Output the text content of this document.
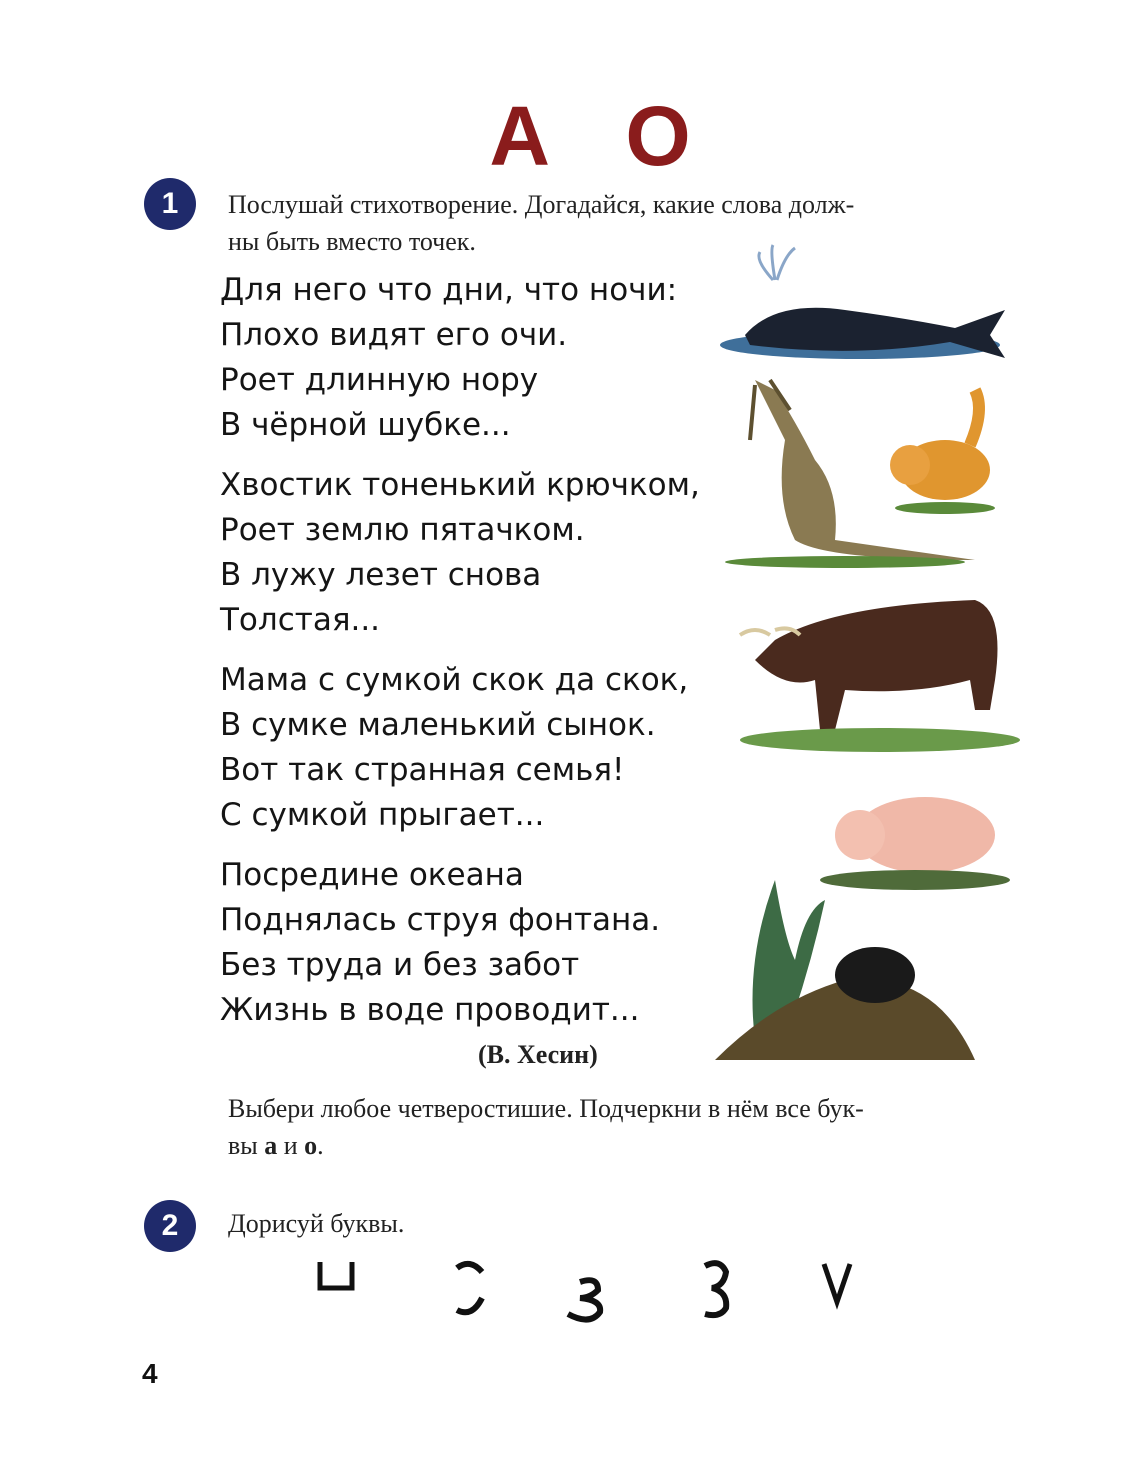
А О
1	Послушай стихотворение. Догадайся, какие слова долж-
ны быть вместо точек.
Для него что дни, что ночи:
Плохо видят его очи.
Роет длинную нору
В чёрной шубке...
Хвостик тоненький крючком,
Роет землю пятачком.
В лужу лезет снова
Толстая...
Мама с сумкой скок да скок,
В сумке маленький сынок.
Вот так странная семья!
С сумкой прыгает...
Посредине океана
Поднялась струя фонтана.
Без труда и без забот
Жизнь в воде проводит...
(В. Хесин)
Выбери любое четверостишие. Подчеркни в нём все бук-
вы а и о.
2	Дорисуй буквы.
4
